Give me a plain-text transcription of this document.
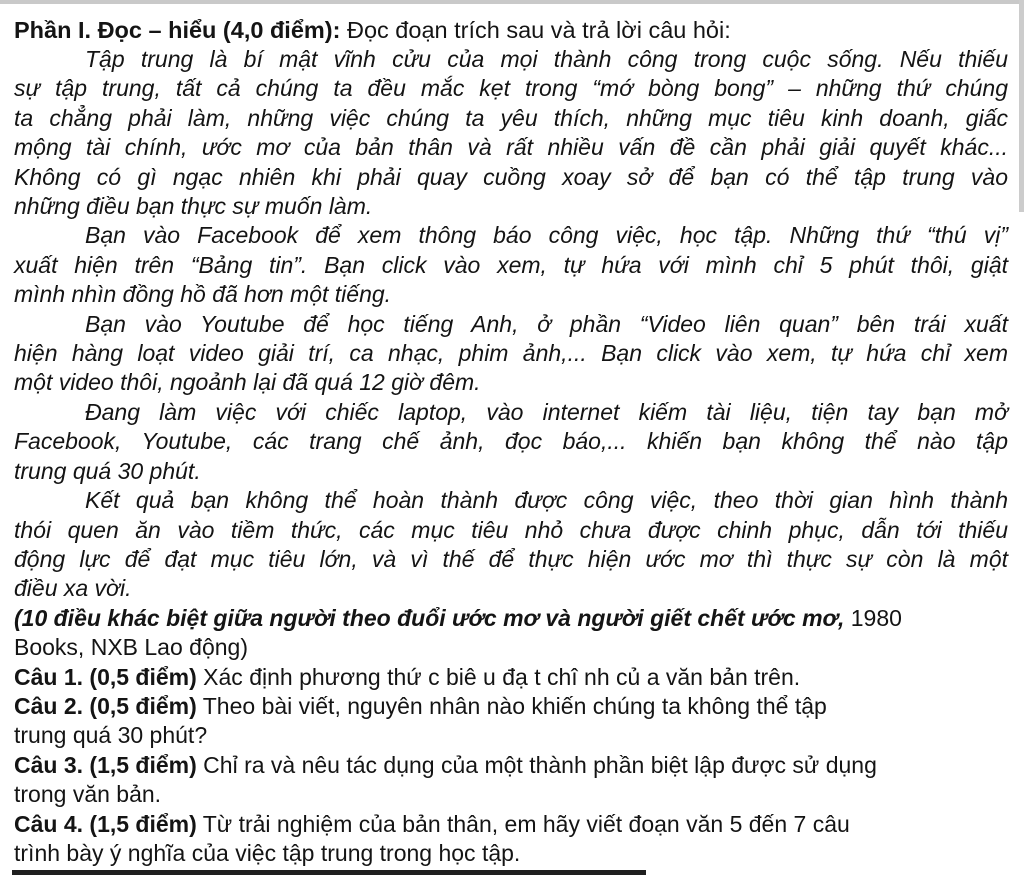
Phần I. Đọc – hiểu (4,0 điểm): Đọc đoạn trích sau và trả lời câu hỏi:
Tập trung là bí mật vĩnh cửu của mọi thành công trong cuộc sống. Nếu thiếu
sự tập trung, tất cả chúng ta đều mắc kẹt trong “mớ bòng bong” – những thứ chúng
ta chẳng phải làm, những việc chúng ta yêu thích, những mục tiêu kinh doanh, giấc
mộng tài chính, ước mơ của bản thân và rất nhiều vấn đề cần phải giải quyết khác...
Không có gì ngạc nhiên khi phải quay cuồng xoay sở để bạn có thể tập trung vào
những điều bạn thực sự muốn làm.
Bạn vào Facebook để xem thông báo công việc, học tập. Những thứ “thú vị”
xuất hiện trên “Bảng tin”. Bạn click vào xem, tự hứa với mình chỉ 5 phút thôi, giật
mình nhìn đồng hồ đã hơn một tiếng.
Bạn vào Youtube để học tiếng Anh, ở phần “Video liên quan” bên trái xuất
hiện hàng loạt video giải trí, ca nhạc, phim ảnh,... Bạn click vào xem, tự hứa chỉ xem
một video thôi, ngoảnh lại đã quá 12 giờ đêm.
Đang làm việc với chiếc laptop, vào internet kiếm tài liệu, tiện tay bạn mở
Facebook, Youtube, các trang chế ảnh, đọc báo,... khiến bạn không thể nào tập
trung quá 30 phút.
Kết quả bạn không thể hoàn thành được công việc, theo thời gian hình thành
thói quen ăn vào tiềm thức, các mục tiêu nhỏ chưa được chinh phục, dẫn tới thiếu
động lực để đạt mục tiêu lớn, và vì thế để thực hiện ước mơ thì thực sự còn là một
điều xa vời.
(10 điều khác biệt giữa người theo đuổi ước mơ và người giết chết ước mơ, 1980
Books, NXB Lao động)
Câu 1. (0,5 điểm) Xác định phương thứ c biê u đạ t chî nh củ a văn bản trên.
Câu 2. (0,5 điểm) Theo bài viết, nguyên nhân nào khiến chúng ta không thể tập
trung quá 30 phút?
Câu 3. (1,5 điểm) Chỉ ra và nêu tác dụng của một thành phần biệt lập được sử dụng
trong văn bản.
Câu 4. (1,5 điểm) Từ trải nghiệm của bản thân, em hãy viết đoạn văn 5 đến 7 câu
trình bày ý nghĩa của việc tập trung trong học tập.
